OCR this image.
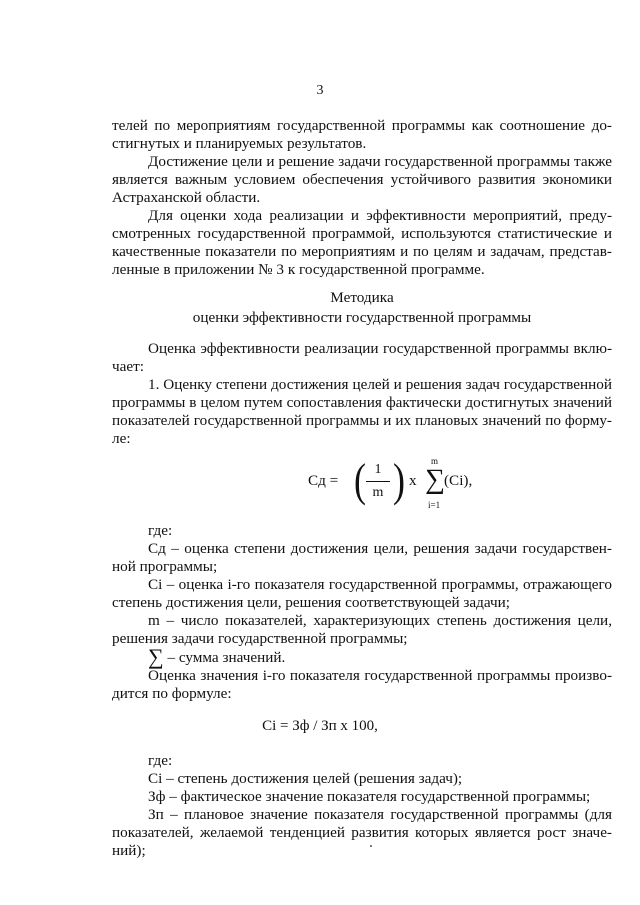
3

телей по мероприятиям государственной программы как соотношение до-стигнутых и планируемых результатов.

Достижение цели и решение задачи государственной программы также является важным условием обеспечения устойчивого развития экономики Астраханской области.

Для оценки хода реализации и эффективности мероприятий, преду-смотренных государственной программой, используются статистические и качественные показатели по мероприятиям и по целям и задачам, представ-ленные в приложении № 3 к государственной программе.

Методика
оценки эффективности государственной программы

Оценка эффективности реализации государственной программы вклю-чает:

1. Оценку степени достижения целей и решения задач государственной программы в целом путем сопоставления фактически достигнутых значений показателей государственной программы и их плановых значений по форму-ле:

Сд = ( 1
m ) x
m
∑
i=1
(Ci),

где:

Сд – оценка степени достижения цели, решения задачи государствен-ной программы;

Сi – оценка i-го показателя государственной программы, отражающего степень достижения цели, решения соответствующей задачи;

m – число показателей, характеризующих степень достижения цели, решения задачи государственной программы;

∑ – сумма значений.

Оценка значения i-го показателя государственной программы произво-дится по формуле:

Сi = Зф / Зп х 100,

где:

Сi – степень достижения целей (решения задач);

Зф – фактическое значение показателя государственной программы;

Зп – плановое значение показателя государственной программы (для показателей, желаемой тенденцией развития которых является рост значе-ний);
